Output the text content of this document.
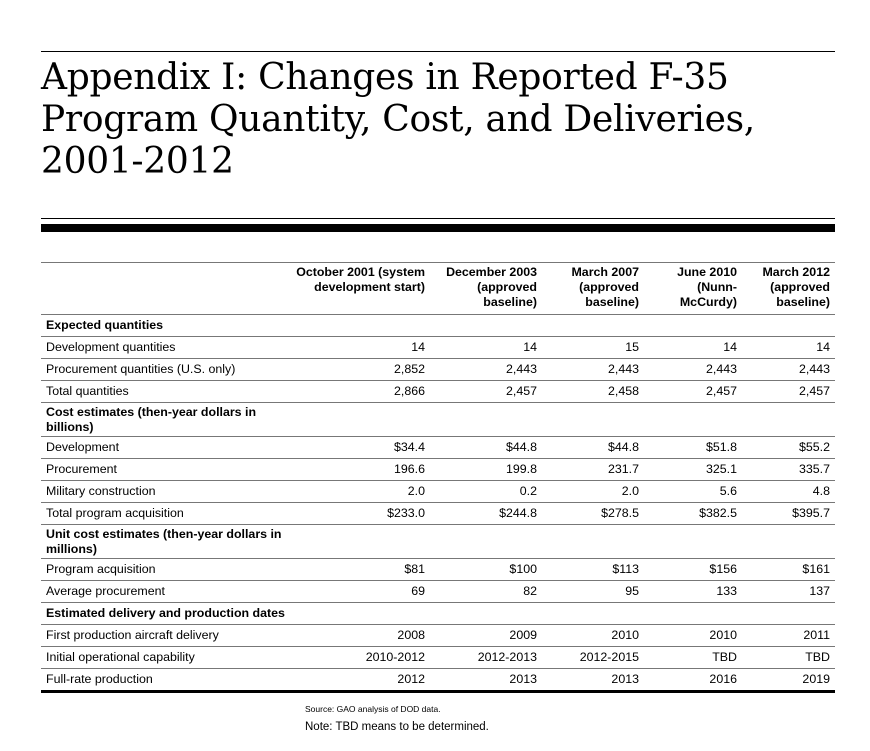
Appendix I: Changes in Reported F-35 Program Quantity, Cost, and Deliveries, 2001-2012
	October 2001 (system development start)	December 2003 (approved baseline)	March 2007 (approved baseline)	June 2010 (Nunn-McCurdy)	March 2012 (approved baseline)
Expected quantities					
Development quantities	14	14	15	14	14
Procurement quantities (U.S. only)	2,852	2,443	2,443	2,443	2,443
Total quantities	2,866	2,457	2,458	2,457	2,457
Cost estimates (then-year dollars in billions)					
Development	$34.4	$44.8	$44.8	$51.8	$55.2
Procurement	196.6	199.8	231.7	325.1	335.7
Military construction	2.0	0.2	2.0	5.6	4.8
Total program acquisition	$233.0	$244.8	$278.5	$382.5	$395.7
Unit cost estimates (then-year dollars in millions)					
Program acquisition	$81	$100	$113	$156	$161
Average procurement	69	82	95	133	137
Estimated delivery and production dates					
First production aircraft delivery	2008	2009	2010	2010	2011
Initial operational capability	2010-2012	2012-2013	2012-2015	TBD	TBD
Full-rate production	2012	2013	2013	2016	2019
Source: GAO analysis of DOD data.
Note: TBD means to be determined.
